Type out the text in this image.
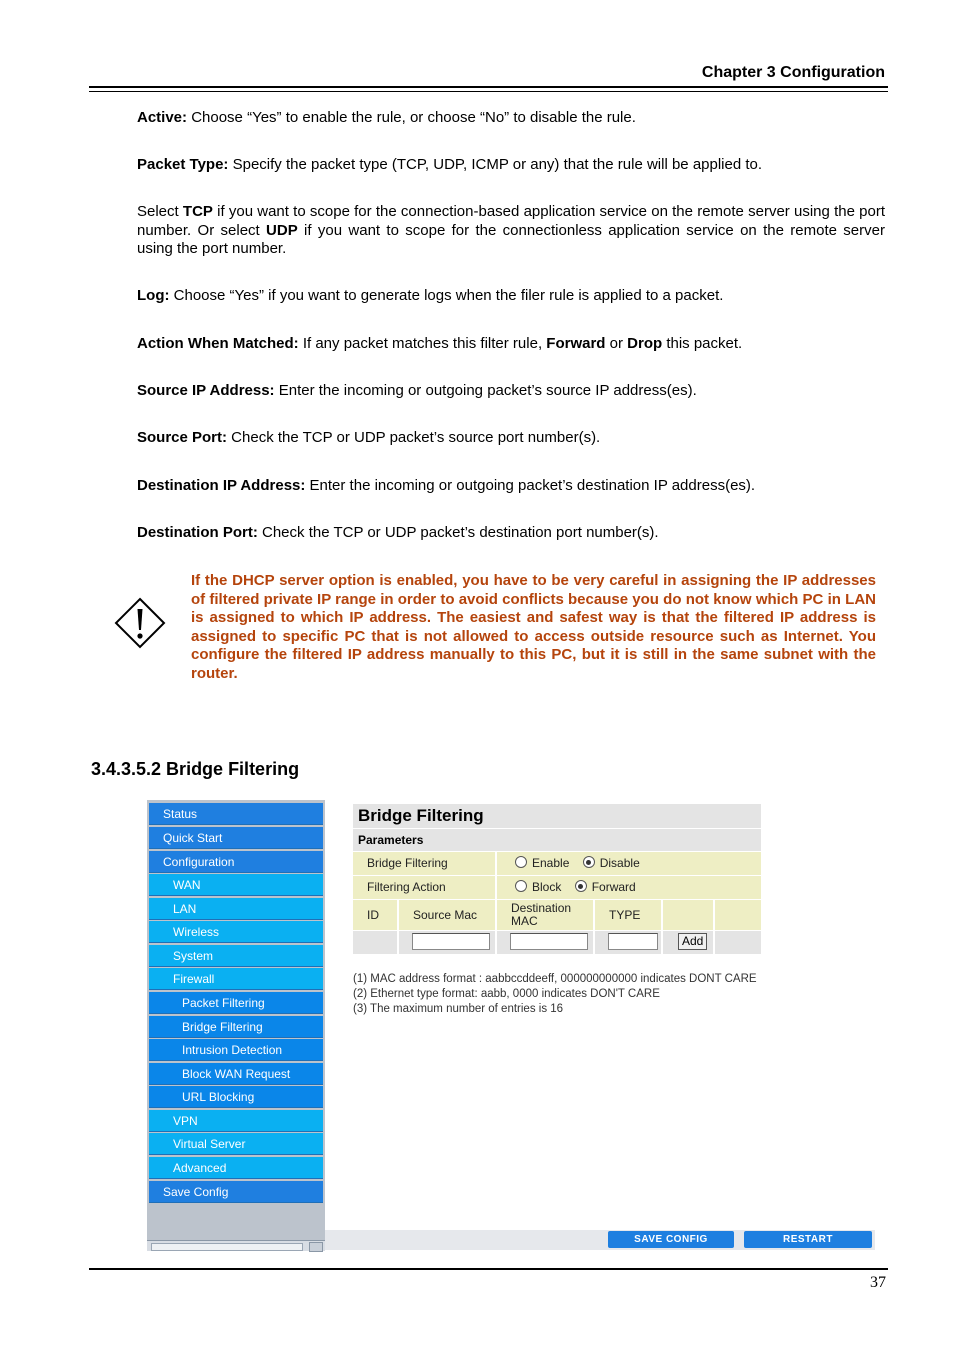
Chapter 3 Configuration
Active: Choose “Yes” to enable the rule, or choose “No” to disable the rule.
Packet Type: Specify the packet type (TCP, UDP, ICMP or any) that the rule will be applied to.
Select TCP if you want to scope for the connection-based application service on the remote server using the port number. Or select UDP if you want to scope for the connectionless application service on the remote server using the port number.
Log: Choose “Yes” if you want to generate logs when the filer rule is applied to a packet.
Action When Matched: If any packet matches this filter rule, Forward or Drop this packet.
Source IP Address: Enter the incoming or outgoing packet’s source IP address(es).
Source Port: Check the TCP or UDP packet’s source port number(s).
Destination IP Address: Enter the incoming or outgoing packet’s destination IP address(es).
Destination Port: Check the TCP or UDP packet’s destination port number(s).
If the DHCP server option is enabled, you have to be very careful in assigning the IP addresses of filtered private IP range in order to avoid conflicts because you do not know which PC in LAN is assigned to which IP address. The easiest and safest way is that the filtered IP address is assigned to specific PC that is not allowed to access outside resource such as Internet. You configure the filtered IP address manually to this PC, but it is still in the same subnet with the router.
3.4.3.5.2 Bridge Filtering
Status
Quick Start
Configuration
WAN
LAN
Wireless
System
Firewall
Packet Filtering
Bridge Filtering
Intrusion Detection
Block WAN Request
URL Blocking
VPN
Virtual Server
Advanced
Save Config
Bridge Filtering
Parameters
Bridge Filtering	Enable	Disable
Filtering Action	Block	Forward
ID	Source Mac	Destination MAC	TYPE
Add
(1) MAC address format : aabbccddeeff, 000000000000 indicates DONT CARE
(2) Ethernet type format: aabb, 0000 indicates DON'T CARE
(3) The maximum number of entries is 16
SAVE CONFIG	RESTART
37
